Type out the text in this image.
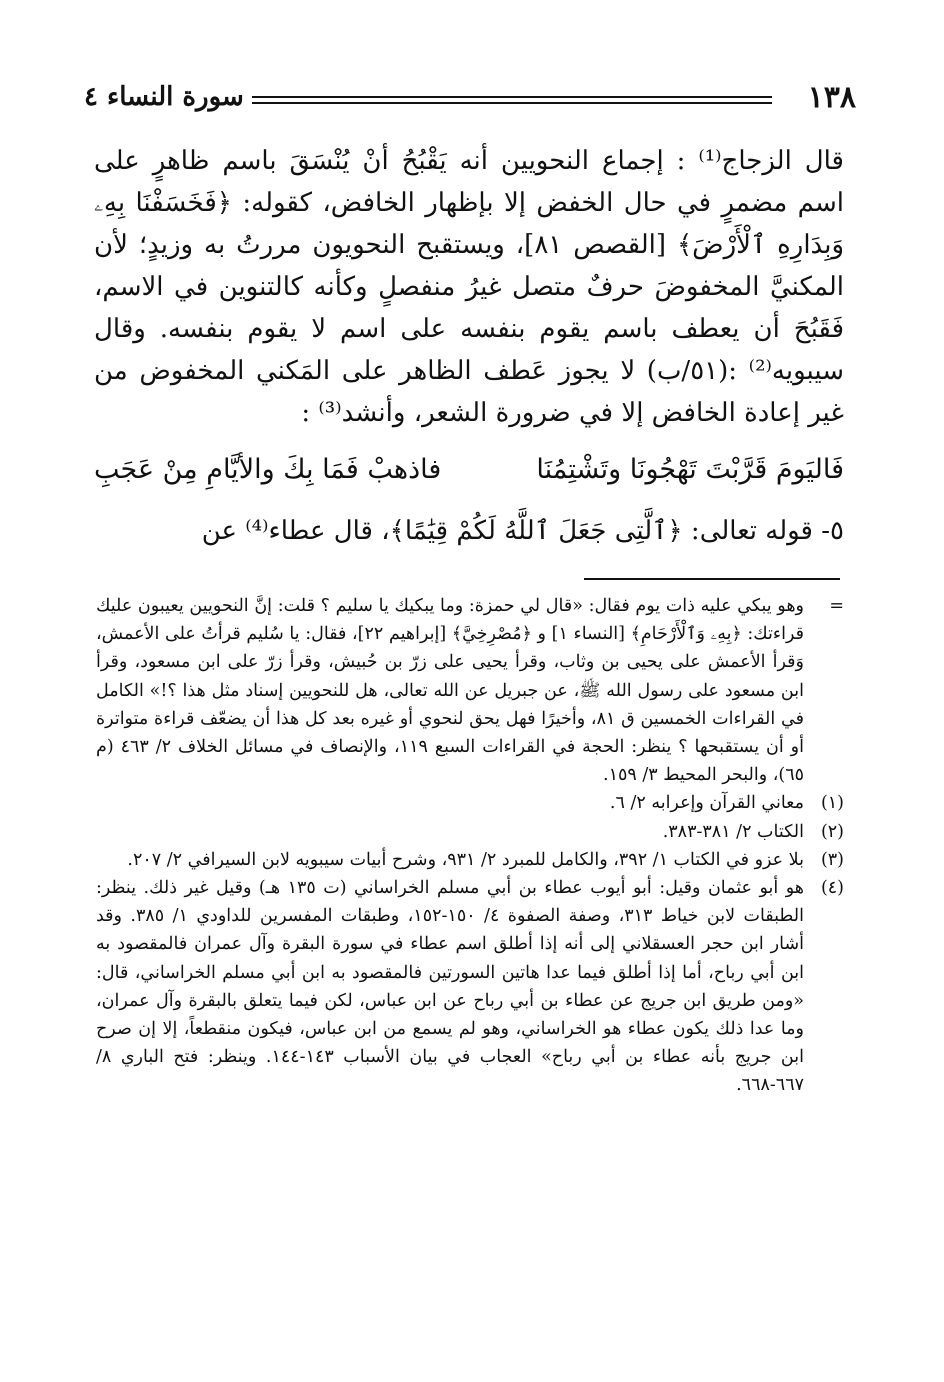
١٣٨
سورة النساء ٤

قال الزجاج⁽¹⁾ : إجماع النحويين أنه يَقْبُحُ أنْ يُنْسَقَ باسم ظاهرٍ على اسم مضمرٍ في حال الخفض إلا بإظهار الخافض، كقوله: ﴿فَخَسَفْنَا بِهِۦ وَبِدَارِهِ ٱلْأَرْضَ﴾ [القصص ٨١]، ويستقبح النحويون مررتُ به وزيدٍ؛ لأن المكنيَّ المخفوضَ حرفٌ متصل غيرُ منفصلٍ وكأنه كالتنوين في الاسم، فَقَبُحَ أن يعطف باسم يقوم بنفسه على اسم لا يقوم بنفسه. وقال سيبويه⁽²⁾ :(٥١/ب) لا يجوز عَطف الظاهر على المَكني المخفوض من غير إعادة الخافض إلا في ضرورة الشعر، وأنشد⁽³⁾ :

فَاليَومَ قَرَّبْتَ تَهْجُونَا وتَشْتِمُنَا
فاذهبْ فَمَا بِكَ والأيَّامِ مِنْ عَجَبِ
٥- قوله تعالى: ﴿ٱلَّتِى جَعَلَ ٱللَّهُ لَكُمْ قِيَٰمًا﴾، قال عطاء⁽⁴⁾ عن
=
وهو يبكي عليه ذات يوم فقال: «قال لي حمزة: وما يبكيك يا سليم ؟ قلت: إنَّ النحويين يعيبون عليك قراءتك: ﴿بِهِۦ وَٱلْأَرْحَامِ﴾ [النساء ١] و ﴿مُصْرِخِيَّ﴾ [إبراهيم ٢٢]، فقال: يا سُليم قرأتُ على الأعمش، وَقرأ الأعمش على يحيى بن وثاب، وقرأ يحيى على زرّ بن حُبيش، وقرأ زرّ على ابن مسعود، وقرأ ابن مسعود على رسول الله ﷺ، عن جبريل عن الله تعالى، هل للنحويين إسناد مثل هذا ؟!» الكامل في القراءات الخمسين ق ٨١، وأخيرًا فهل يحق لنحوي أو غيره بعد كل هذا أن يضعّف قراءة متواترة أو أن يستقبحها ؟ ينظر: الحجة في القراءات السبع ١١٩، والإنصاف في مسائل الخلاف ٢/ ٤٦٣ (م ٦٥)، والبحر المحيط ٣/ ١٥٩.
(١)
معاني القرآن وإعرابه ٢/ ٦.
(٢)
الكتاب ٢/ ٣٨١-٣٨٣.
(٣)
بلا عزو في الكتاب ١/ ٣٩٢، والكامل للمبرد ٢/ ٩٣١، وشرح أبيات سيبويه لابن السيرافي ٢/ ٢٠٧.
(٤)
هو أبو عثمان وقيل: أبو أيوب عطاء بن أبي مسلم الخراساني (ت ١٣٥ هـ) وقيل غير ذلك. ينظر: الطبقات لابن خياط ٣١٣، وصفة الصفوة ٤/ ١٥٠-١٥٢، وطبقات المفسرين للداودي ١/ ٣٨٥. وقد أشار ابن حجر العسقلاني إلى أنه إذا أطلق اسم عطاء في سورة البقرة وآل عمران فالمقصود به ابن أبي رباح، أما إذا أطلق فيما عدا هاتين السورتين فالمقصود به ابن أبي مسلم الخراساني، قال: «ومن طريق ابن جريج عن عطاء بن أبي رباح عن ابن عباس، لكن فيما يتعلق بالبقرة وآل عمران، وما عدا ذلك يكون عطاء هو الخراساني، وهو لم يسمع من ابن عباس، فيكون منقطعاً، إلا إن صرح ابن جريج بأنه عطاء بن أبي رباح» العجاب في بيان الأسباب ١٤٣-١٤٤. وينظر: فتح الباري ٨/ ٦٦٧-٦٦٨.
